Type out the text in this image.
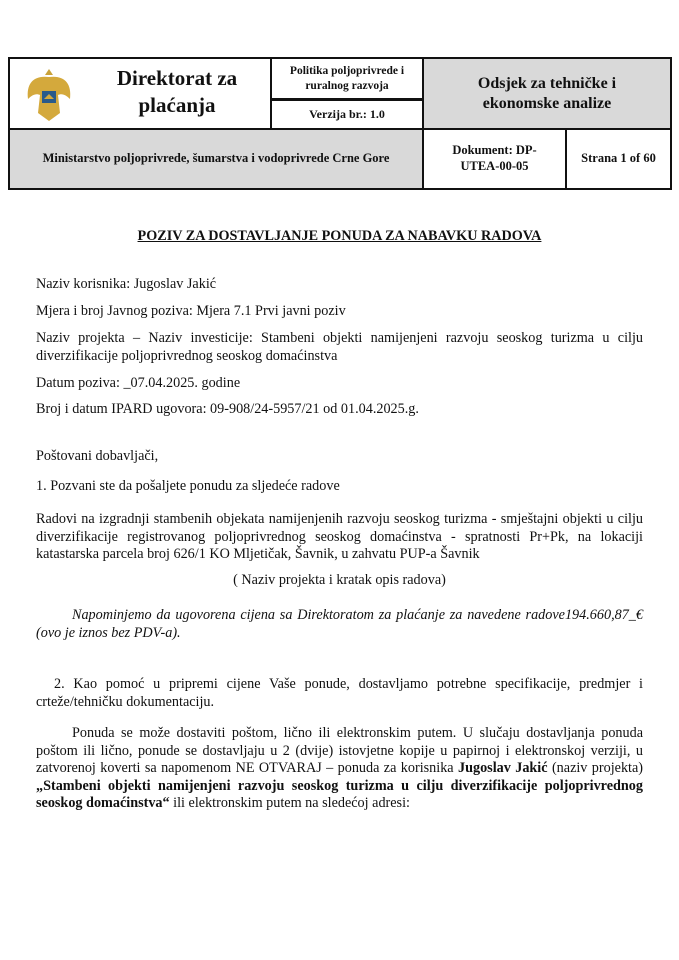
Direktorat za plaćanja
Politika poljoprivrede i ruralnog razvoja
Verzija br.: 1.0
Odsjek za tehničke i ekonomske analize
Ministarstvo poljoprivrede, šumarstva i vodoprivrede Crne Gore
Dokument: DP-UTEA-00-05
Strana 1 of 60
POZIV ZA DOSTAVLJANJE PONUDA ZA NABAVKU RADOVA
Naziv korisnika: Jugoslav Jakić
Mjera i broj Javnog poziva: Mjera 7.1 Prvi javni poziv
Naziv projekta – Naziv investicije: Stambeni objekti namijenjeni razvoju seoskog turizma u cilju diverzifikacije poljoprivrednog seoskog domaćinstva
Datum poziva: _07.04.2025. godine
Broj i datum IPARD ugovora: 09-908/24-5957/21 od 01.04.2025.g.
Poštovani dobavljači,
1. Pozvani ste da pošaljete ponudu za sljedeće radove
Radovi na izgradnji stambenih objekata namijenjenih razvoju seoskog turizma - smještajni objekti u cilju diverzifikacije registrovanog poljoprivrednog seoskog domaćinstva - spratnosti Pr+Pk, na lokaciji katastarska parcela broj 626/1 KO Mljetičak, Šavnik, u zahvatu PUP-a Šavnik
( Naziv projekta i kratak opis radova)
Napominjemo da ugovorena cijena sa Direktoratom za plaćanje za navedene radove194.660,87_€ (ovo je iznos bez PDV-a).
2. Kao pomoć u pripremi cijene Vaše ponude, dostavljamo potrebne specifikacije, predmjer i crteže/tehničku dokumentaciju.
Ponuda se može dostaviti poštom, lično ili elektronskim putem. U slučaju dostavljanja ponuda poštom ili lično, ponude se dostavljaju u 2 (dvije) istovjetne kopije u papirnoj i elektronskoj verziji, u zatvorenoj koverti sa napomenom NE OTVARAJ – ponuda za korisnika Jugoslav Jakić (naziv projekta) „Stambeni objekti namijenjeni razvoju seoskog turizma u cilju diverzifikacije poljoprivrednog seoskog domaćinstva“ ili elektronskim putem na sledećoj adresi:
